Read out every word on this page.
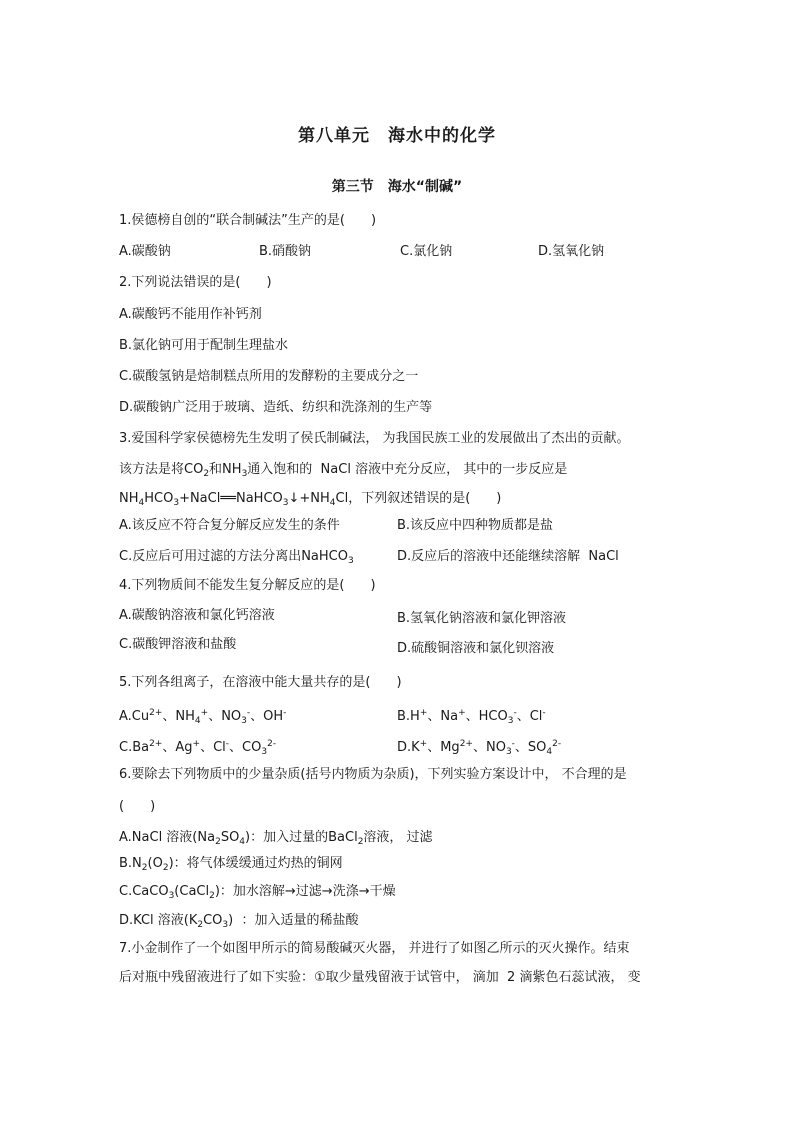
第八单元　海水中的化学
第三节　海水“制碱”
1.侯德榜自创的“联合制碱法”生产的是(　　)
A.碳酸钠	B.硝酸钠	C.氯化钠	D.氢氧化钠
2.下列说法错误的是(　　)
A.碳酸钙不能用作补钙剂
B.氯化钠可用于配制生理盐水
C.碳酸氢钠是焙制糕点所用的发酵粉的主要成分之一
D.碳酸钠广泛用于玻璃、造纸、纺织和洗涤剂的生产等
3.爱国科学家侯德榜先生发明了侯氏制碱法， 为我国民族工业的发展做出了杰出的贡献。
该方法是将$CO_2$和$NH_3$通入饱和的  NaCl 溶液中充分反应， 其中的一步反应是
$NH_4HCO_3+NaCl══NaHCO_3↓+NH_4Cl$，下列叙述错误的是(　　)
A.该反应不符合复分解反应发生的条件	B.该反应中四种物质都是盐
C.反应后可用过滤的方法分离出NaHCO$_3$	D.反应后的溶液中还能继续溶解  NaCl
4.下列物质间不能发生复分解反应的是(　　)
A.碳酸钠溶液和氯化钙溶液	B.氢氧化钠溶液和氯化钾溶液
C.碳酸钾溶液和盐酸	D.硫酸铜溶液和氯化钡溶液
5.下列各组离子，在溶液中能大量共存的是(　　)
$A.Cu^{2+}$、$NH_4^+$、$NO_3^-$、OH-	B.H+、Na+、$HCO_3^-$、Cl-
$C.Ba^{2+}$、Ag+、Cl-、$CO_3^{2-}$	D.K+、$Mg^{2+}$、$NO_3^-$、$SO_4^{2-}$
6.要除去下列物质中的少量杂质(括号内物质为杂质)，下列实验方案设计中， 不合理的是
(　　)
A.NaCl 溶液$(Na_2SO_4)$：加入过量的BaCl$_2$溶液， 过滤
$B.N_2(O_2)$：将气体缓缓通过灼热的铜网
C.CaCO$_3$(CaCl$_2$)：加水溶解→过滤→洗涤→干燥
D.KCl 溶液$(K_2CO_3)$  ：加入适量的稀盐酸
7.小金制作了一个如图甲所示的简易酸碱灭火器， 并进行了如图乙所示的灭火操作。结束
后对瓶中残留液进行了如下实验：①取少量残留液于试管中， 滴加  2 滴紫色石蕊试液， 变
